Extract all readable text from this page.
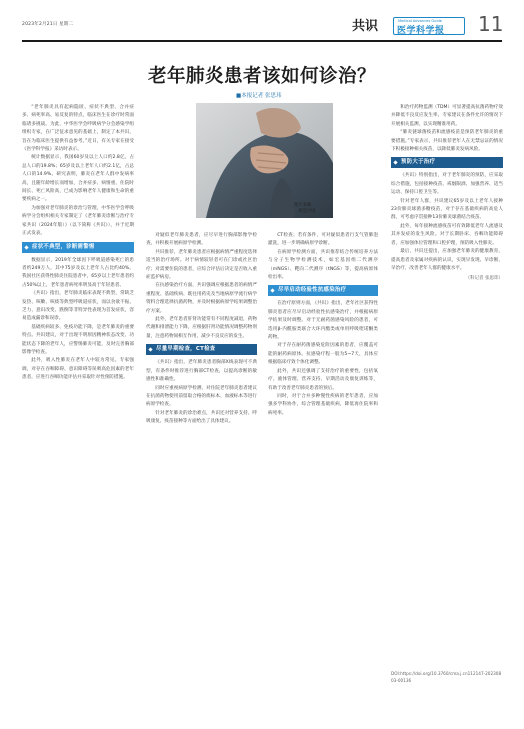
2023年2月21日 星期二	共识	Medical Advances Guide
医学科学报 11
老年肺炎患者该如何诊治？
■本报记者 张思玮
图片来源：
视觉中国

“老年肺炎具有起病隐匿、症状不典型、合并症多、病死率高、易反复的特点，临床医生在诊疗时常面临诸多挑战。为此，中华医学会呼吸病学分会感染学组组织专家，在广泛征求意见的基础上，制定了本共识，旨在为临床医生提供有益参考。”近日，有关专家在接受《医学科学报》采访时表示。

统计数据显示，我国60岁及以上人口约2.8亿，占总人口的19.8%；65岁及以上老年人口约2.1亿，占总人口的14.9%。研究表明，肺炎在老年人群中发病率高，且随年龄增长而增加，合并症多、病情重、住院时间长、死亡风险高，已成为影响老年人健康和生命的重要疾病之一。

为加强对老年肺炎的诊治与管理，中华医学会呼吸病学分会组织相关专家制定了《老年肺炎诊断与治疗专家共识（2024年版）》（以下简称《共识》），并于近期正式发表。

症状不典型，诊断需警惕

数据显示，2019年全球因下呼吸道感染死亡的患者约249万人，其中75岁及以上老年人占比约40%。我国社区获得性肺炎住院患者中，65岁以上老年患者约占50%以上，老年患者病死率明显高于年轻患者。

《共识》指出，老年肺炎临床表现不典型，常缺乏发热、咳嗽、咳痰等典型呼吸道症状，而以食欲不振、乏力、意识改变、跌倒等非特异性表现为首发症状，容易造成漏诊和误诊。

基础疾病较多、免疫功能下降，是老年肺炎的重要特点。共识建议，对于出现不明原因精神状态改变、功能状态下降的老年人，应警惕肺炎可能，及时完善胸部影像学检查。

此外，吸入性肺炎在老年人中较为常见。专家强调，对存在吞咽障碍、意识障碍等误吸高危因素的老年患者，应进行吞咽功能评估并采取针对性预防措施。

对疑似老年肺炎患者，应尽早进行胸部影像学检查，并积极开展病原学检测。

共识推荐，老年肺炎患者应根据病情严重程度选择适当的治疗场所。对于病情较轻者可在门诊或社区治疗；对需要住院的患者，应综合评估后决定是否收入重症监护病房。

在抗感染治疗方面，共识强调应根据患者的病情严重程度、基础疾病、既往用药史及当地病原学流行病学资料合理选择抗菌药物，并及时根据病原学结果调整治疗方案。

此外，老年患者肝肾功能常有不同程度减退，药物代谢和排泄能力下降，应根据肝肾功能情况调整药物剂量，注意药物间相互作用，减少不良反应的发生。

尽量早期检查，CT检查

《共识》指出，老年肺炎患者胸部X线表现可不典型，有条件时推荐进行胸部CT检查，以提高诊断的敏感性和准确性。

同时应重视病原学检测，对住院老年肺炎患者建议在抗菌药物使用前留取合格的痰标本、血液标本等进行病原学检查。

针对老年肺炎的诊治难点，共识还对营养支持、呼吸康复、疫苗接种等方面给出了具体建议。

CT检查；若有条件，可对疑似患者行支气管肺泡灌洗，进一步明确病原学诊断。

在病原学检测方面，共识推荐结合传统培养方法与分子生物学检测技术，如宏基因组二代测序（mNGS）、靶向二代测序（tNGS）等，提高病原体检出率。

尽早启动经验性抗感染治疗

在治疗原则方面，《共识》指出，老年社区获得性肺炎患者应尽早启动经验性抗感染治疗，并根据病原学结果及时调整。对于无耐药菌感染风险的患者，可选用β-内酰胺类联合大环内酯类或单用呼吸喹诺酮类药物。

对于存在耐药菌感染危险因素的患者，应覆盖可能的耐药病原体。抗感染疗程一般为5~7天，具体应根据临床疗效个体化调整。

此外，共识还强调了支持治疗的重要性，包括氧疗、液体管理、营养支持、早期活动及康复训练等，有助于改善老年肺炎患者的预后。

同时，对于合并多种慢性疾病的老年患者，应加强多学科协作，综合管理基础疾病，降低再住院率和病死率。

和治疗药物监测（TDM）可显著提高抗菌药物疗效并降低不良反应发生率，专家建议在条件允许的情况下开展相关监测，以实现精准用药。

“肺炎链球菌疫苗和流感疫苗是预防老年肺炎的重要措施。”专家表示，共识推荐老年人在无禁忌证的情况下积极接种相关疫苗，以降低肺炎发病风险。

预防大于治疗

《共识》特别指出，对于老年肺炎的预防，应采取综合措施，包括接种疫苗、戒烟限酒、加强营养、适当运动、保持口腔卫生等。

针对老年人群，共识建议65岁及以上老年人接种23价肺炎球菌多糖疫苗，对于存在基础疾病的高危人群，可考虑序贯接种13价肺炎球菌结合疫苗。

此外，每年接种流感疫苗可有效降低老年人流感及其并发症的发生风险。对于长期卧床、吞咽功能障碍者，应加强体位管理和口腔护理，预防吸入性肺炎。

最后，共识还提出，应加强老年肺炎的健康教育，提高患者及家属对疾病的认识，实现早发现、早诊断、早治疗，改善老年人群的健康水平。

（科记者 张思玮）
DOI:https://doi.org/10.3760/cma.j.cn112147-20230803-00136
